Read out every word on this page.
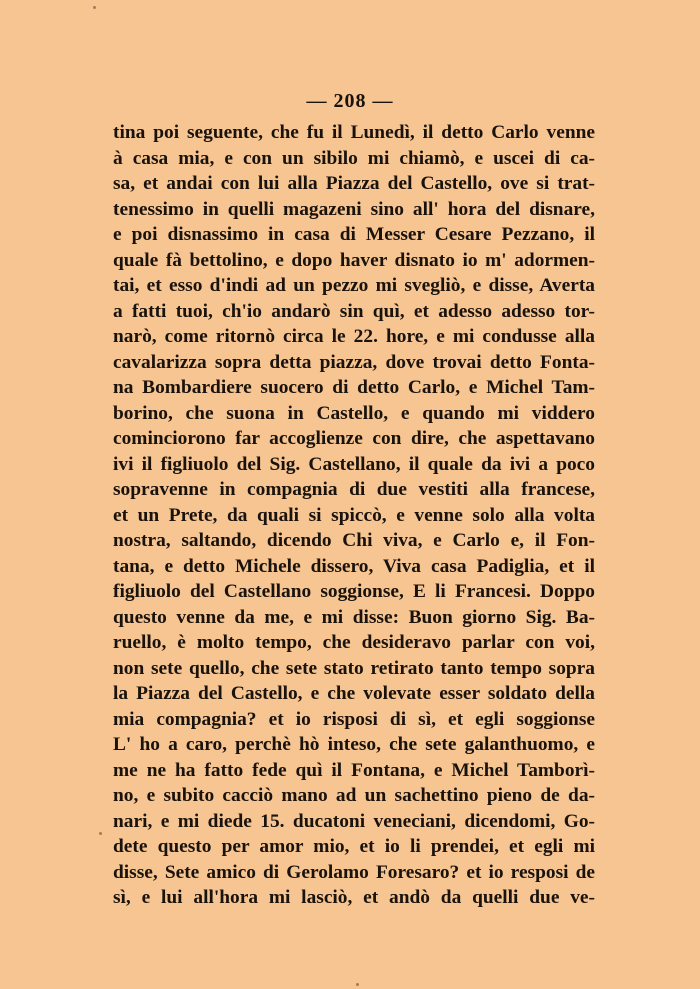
— 208 —
tina poi seguente, che fu il Lunedì, il detto Carlo venne
à casa mia, e con un sibilo mi chiamò, e uscei di ca-
sa, et andai con lui alla Piazza del Castello, ove si trat-
tenessimo in quelli magazeni sino all' hora del disnare,
e poi disnassimo in casa di Messer Cesare Pezzano, il
quale fà bettolino, e dopo haver disnato io m' adormen-
tai, et esso d'indi ad un pezzo mi svegliò, e disse, Averta
a fatti tuoi, ch'io andarò sin quì, et adesso adesso tor-
narò, come ritornò circa le 22. hore, e mi condusse alla
cavalarizza sopra detta piazza, dove trovai detto Fonta-
na Bombardiere suocero di detto Carlo, e Michel Tam-
borino, che suona in Castello, e quando mi viddero
cominciorono far accoglienze con dire, che aspettavano
ivi il figliuolo del Sig. Castellano, il quale da ivi a poco
sopravenne in compagnia di due vestiti alla francese,
et un Prete, da quali si spiccò, e venne solo alla volta
nostra, saltando, dicendo Chi viva, e Carlo e, il Fon-
tana, e detto Michele dissero, Viva casa Padiglia, et il
figliuolo del Castellano soggionse, E li Francesi. Doppo
questo venne da me, e mi disse: Buon giorno Sig. Ba-
ruello, è molto tempo, che desideravo parlar con voi,
non sete quello, che sete stato retirato tanto tempo sopra
la Piazza del Castello, e che volevate esser soldato della
mia compagnia? et io risposi di sì, et egli soggionse
L' ho a caro, perchè hò inteso, che sete galanthuomo, e
me ne ha fatto fede quì il Fontana, e Michel Tamborì-
no, e subito cacciò mano ad un sachettino pieno de da-
nari, e mi diede 15. ducatoni veneciani, dicendomi, Go-
dete questo per amor mio, et io li prendei, et egli mi
disse, Sete amico di Gerolamo Foresaro? et io resposi de
sì, e lui all'hora mi lasciò, et andò da quelli due ve-
